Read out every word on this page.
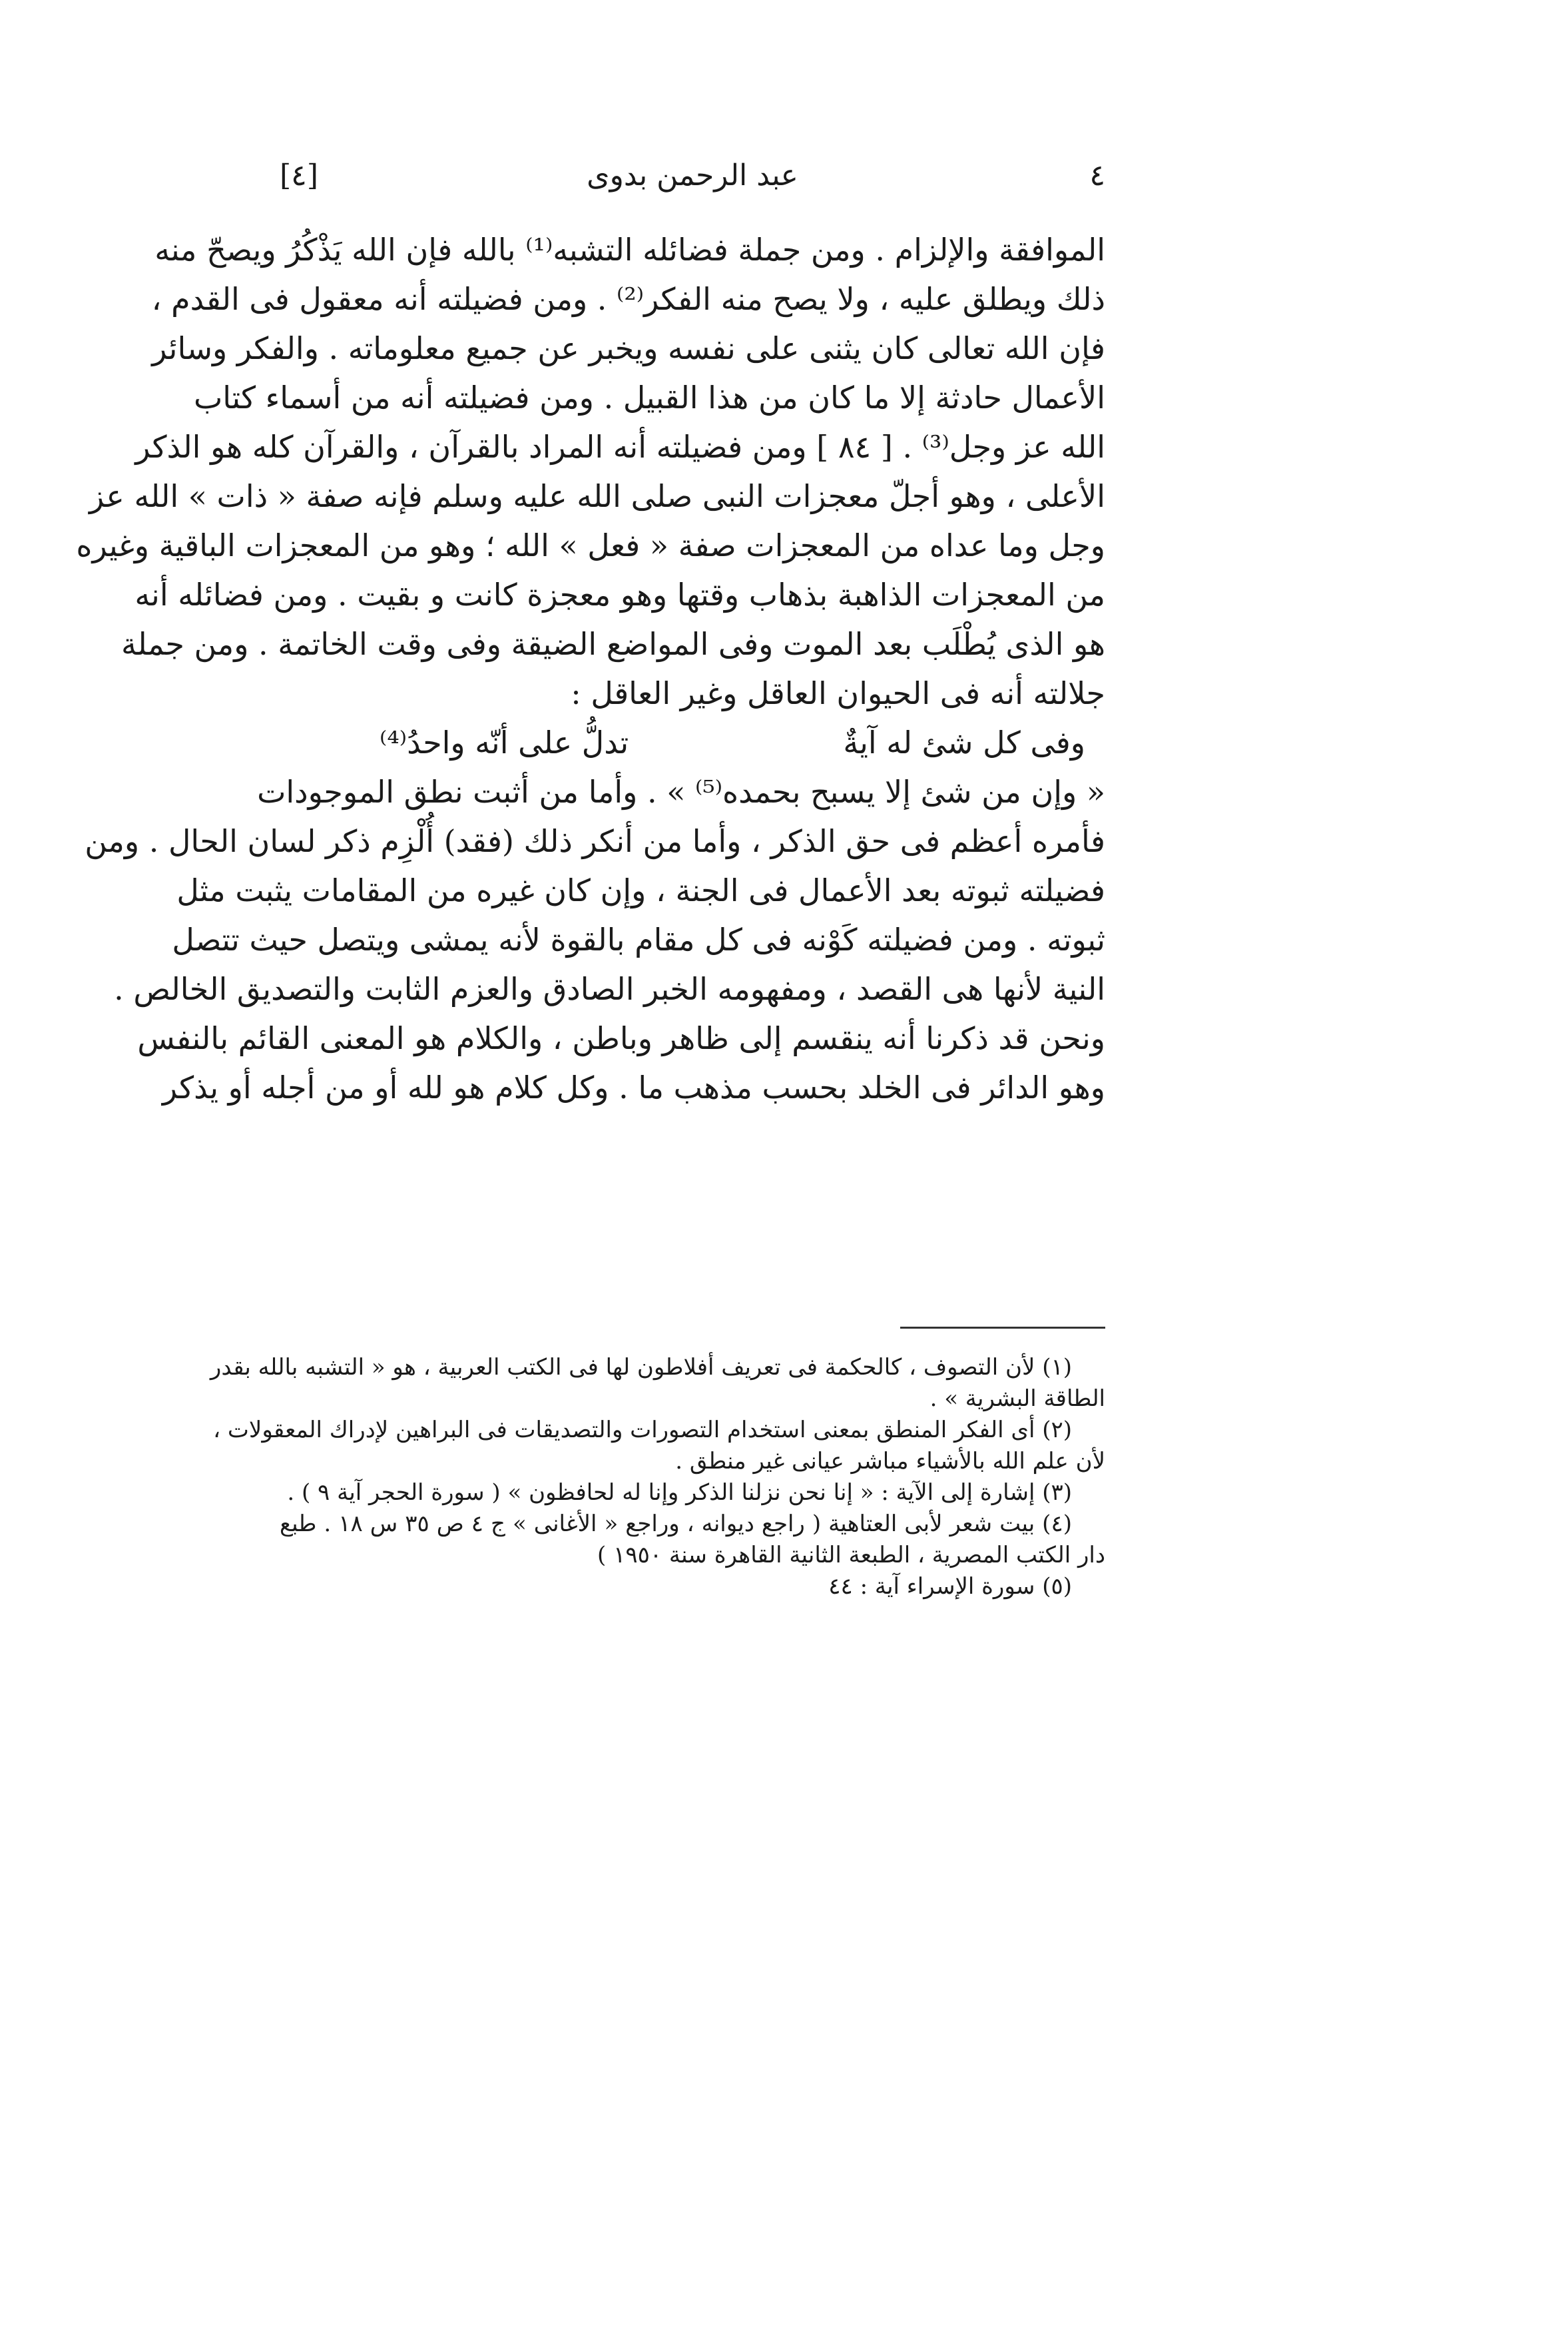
٤
عبد الرحمن بدوى
[٤]
الموافقة والإلزام . ومن جملة فضائله التشبه⁽¹⁾ بالله فإن الله يَذْكُرُ ويصحّ منه
ذلك ويطلق عليه ، ولا يصح منه الفكر⁽²⁾ . ومن فضيلته أنه معقول فى القدم ،
فإن الله تعالى كان يثنى على نفسه ويخبر عن جميع معلوماته . والفكر وسائر
الأعمال حادثة إلا ما كان من هذا القبيل . ومن فضيلته أنه من أسماء كتاب
الله عز وجل⁽³⁾ . [ ٨٤ ] ومن فضيلته أنه المراد بالقرآن ، والقرآن كله هو الذكر
الأعلى ، وهو أجلّ معجزات النبى صلى الله عليه وسلم فإنه صفة « ذات » الله عز
وجل وما عداه من المعجزات صفة « فعل » الله ؛ وهو من المعجزات الباقية وغيره
من المعجزات الذاهبة بذهاب وقتها وهو معجزة كانت و بقيت . ومن فضائله أنه
هو الذى يُطْلَب بعد الموت وفى المواضع الضيقة وفى وقت الخاتمة . ومن جملة
جلالته أنه فى الحيوان العاقل وغير العاقل :
وفى كل شئ له آيةٌ
تدلُّ على أنّه واحدُ⁽⁴⁾
« وإن من شئ إلا يسبح بحمده⁽⁵⁾ » . وأما من أثبت نطق الموجودات
فأمره أعظم فى حق الذكر ، وأما من أنكر ذلك (فقد) أُلْزِم ذكر لسان الحال . ومن
فضيلته ثبوته بعد الأعمال فى الجنة ، وإن كان غيره من المقامات يثبت مثل
ثبوته . ومن فضيلته كَوْنه فى كل مقام بالقوة لأنه يمشى ويتصل حيث تتصل
النية لأنها هى القصد ، ومفهومه الخبر الصادق والعزم الثابت والتصديق الخالص .
ونحن قد ذكرنا أنه ينقسم إلى ظاهر وباطن ، والكلام هو المعنى القائم بالنفس
وهو الدائر فى الخلد بحسب مذهب ما . وكل كلام هو لله أو من أجله أو يذكر
(١) لأن التصوف ، كالحكمة فى تعريف أفلاطون لها فى الكتب العربية ، هو « التشبه بالله بقدر
الطاقة البشرية » .
(٢) أى الفكر المنطق بمعنى استخدام التصورات والتصديقات فى البراهين لإدراك المعقولات ،
لأن علم الله بالأشياء مباشر عيانى غير منطق .
(٣) إشارة إلى الآية : « إنا نحن نزلنا الذكر وإنا له لحافظون » ( سورة الحجر آية ٩ ) .
(٤) بيت شعر لأبى العتاهية ( راجع ديوانه ، وراجع « الأغانى » ج ٤ ص ٣٥ س ١٨ . طبع
دار الكتب المصرية ، الطبعة الثانية القاهرة سنة ١٩٥٠ )
(٥) سورة الإسراء آية : ٤٤
